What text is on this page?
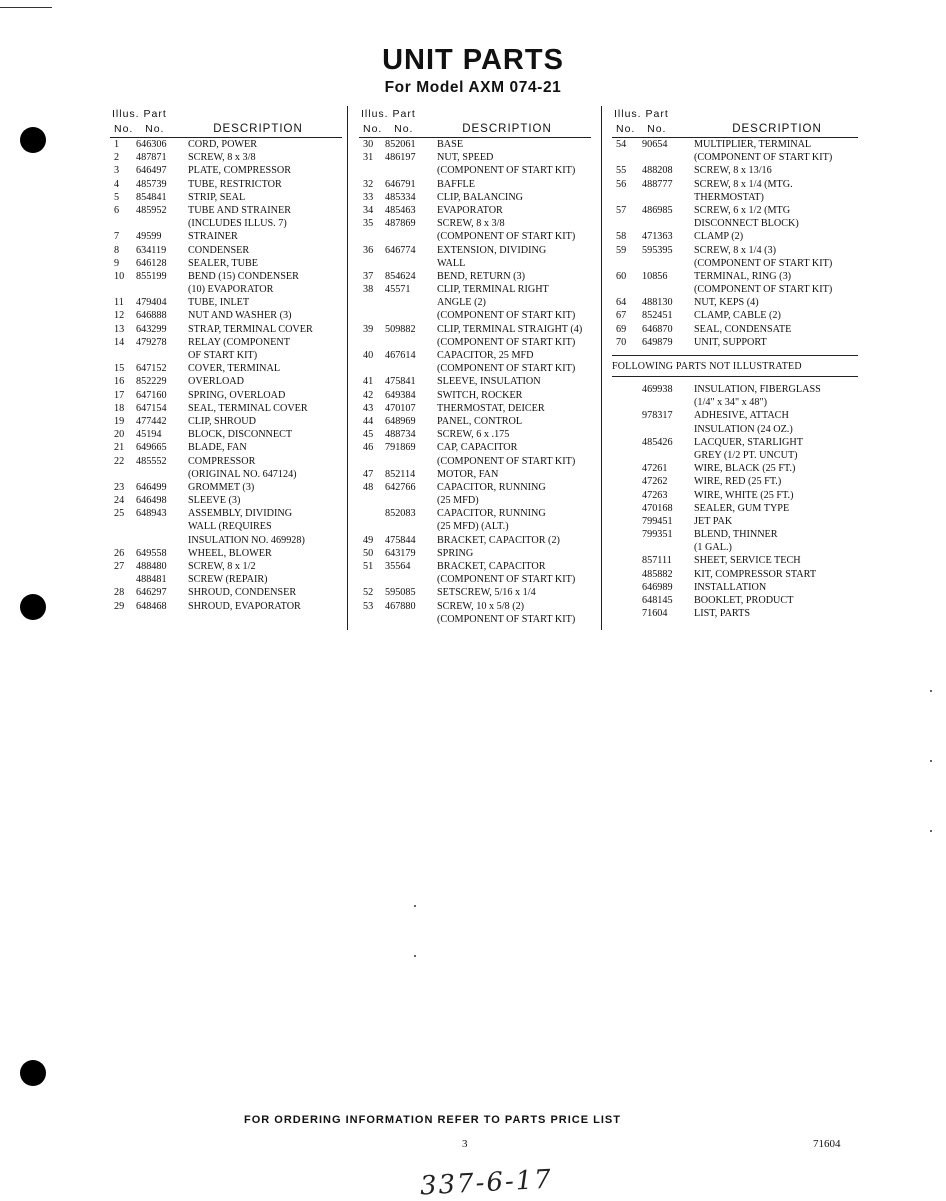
UNIT PARTS
For Model AXM 074-21
Illus. Part
No. No.	DESCRIPTION
1	646306 CORD, POWER
2	487871 SCREW, 8 x 3/8
3	646497 PLATE, COMPRESSOR
4	485739 TUBE, RESTRICTOR
5	854841 STRIP, SEAL
6	485952 TUBE AND STRAINER
(INCLUDES ILLUS. 7)
7	49599	STRAINER
8	634119 CONDENSER
9	646128 SEALER, TUBE
10	855199 BEND (15) CONDENSER
(10) EVAPORATOR
11	479404 TUBE, INLET
12	646888 NUT AND WASHER (3)
13	643299 STRAP, TERMINAL COVER
14	479278 RELAY (COMPONENT
OF START KIT)
15	647152 COVER, TERMINAL
16	852229 OVERLOAD
17	647160 SPRING, OVERLOAD
18	647154 SEAL, TERMINAL COVER
19	477442 CLIP, SHROUD
20	45194	BLOCK, DISCONNECT
21	649665 BLADE, FAN
22	485552 COMPRESSOR
(ORIGINAL NO. 647124)
23	646499 GROMMET (3)
24	646498 SLEEVE (3)
25	648943 ASSEMBLY, DIVIDING
WALL (REQUIRES
INSULATION NO. 469928)
26	649558 WHEEL, BLOWER
27	488480 SCREW, 8 x 1/2
488481 SCREW (REPAIR)
28	646297 SHROUD, CONDENSER
29	648468 SHROUD, EVAPORATOR
Illus. Part
No. No.	DESCRIPTION
30	852061 BASE
31	486197 NUT, SPEED
(COMPONENT OF START KIT)
32	646791 BAFFLE
33	485334 CLIP, BALANCING
34	485463 EVAPORATOR
35	487869 SCREW, 8 x 3/8
(COMPONENT OF START KIT)
36	646774 EXTENSION, DIVIDING
WALL
37	854624 BEND, RETURN (3)
38	45571	CLIP, TERMINAL RIGHT
ANGLE (2)
(COMPONENT OF START KIT)
39	509882 CLIP, TERMINAL STRAIGHT (4)
(COMPONENT OF START KIT)
40	467614 CAPACITOR, 25 MFD
(COMPONENT OF START KIT)
41	475841 SLEEVE, INSULATION
42	649384 SWITCH, ROCKER
43	470107 THERMOSTAT, DEICER
44	648969 PANEL, CONTROL
45	488734 SCREW, 6 x .175
46	791869 CAP, CAPACITOR
(COMPONENT OF START KIT)
47	852114 MOTOR, FAN
48	642766 CAPACITOR, RUNNING
(25 MFD)
852083 CAPACITOR, RUNNING
(25 MFD) (ALT.)
49	475844 BRACKET, CAPACITOR (2)
50	643179 SPRING
51	35564	BRACKET, CAPACITOR
(COMPONENT OF START KIT)
52	595085 SETSCREW, 5/16 x 1/4
53	467880 SCREW, 10 x 5/8 (2)
(COMPONENT OF START KIT)
Illus. Part
No. No.	DESCRIPTION
54	90654	MULTIPLIER, TERMINAL
(COMPONENT OF START KIT)
55	488208 SCREW, 8 x 13/16
56	488777 SCREW, 8 x 1/4 (MTG.
THERMOSTAT)
57	486985 SCREW, 6 x 1/2 (MTG
DISCONNECT BLOCK)
58	471363 CLAMP (2)
59	595395 SCREW, 8 x 1/4 (3)
(COMPONENT OF START KIT)
60	10856	TERMINAL, RING (3)
(COMPONENT OF START KIT)
64	488130 NUT, KEPS (4)
67	852451 CLAMP, CABLE (2)
69	646870 SEAL, CONDENSATE
70	649879 UNIT, SUPPORT
FOLLOWING PARTS NOT ILLUSTRATED
469938 INSULATION, FIBERGLASS
(1/4" x 34" x 48")
978317 ADHESIVE, ATTACH
INSULATION (24 OZ.)
485426 LACQUER, STARLIGHT
GREY (1/2 PT. UNCUT)
47261	WIRE, BLACK (25 FT.)
47262	WIRE, RED (25 FT.)
47263	WIRE, WHITE (25 FT.)
470168 SEALER, GUM TYPE
799451 JET PAK
799351 BLEND, THINNER
(1 GAL.)
857111 SHEET, SERVICE TECH
485882 KIT, COMPRESSOR START
646989 INSTALLATION
648145 BOOKLET, PRODUCT
71604	LIST, PARTS
FOR ORDERING INFORMATION REFER TO PARTS PRICE LIST
3	71604
337-6-17
